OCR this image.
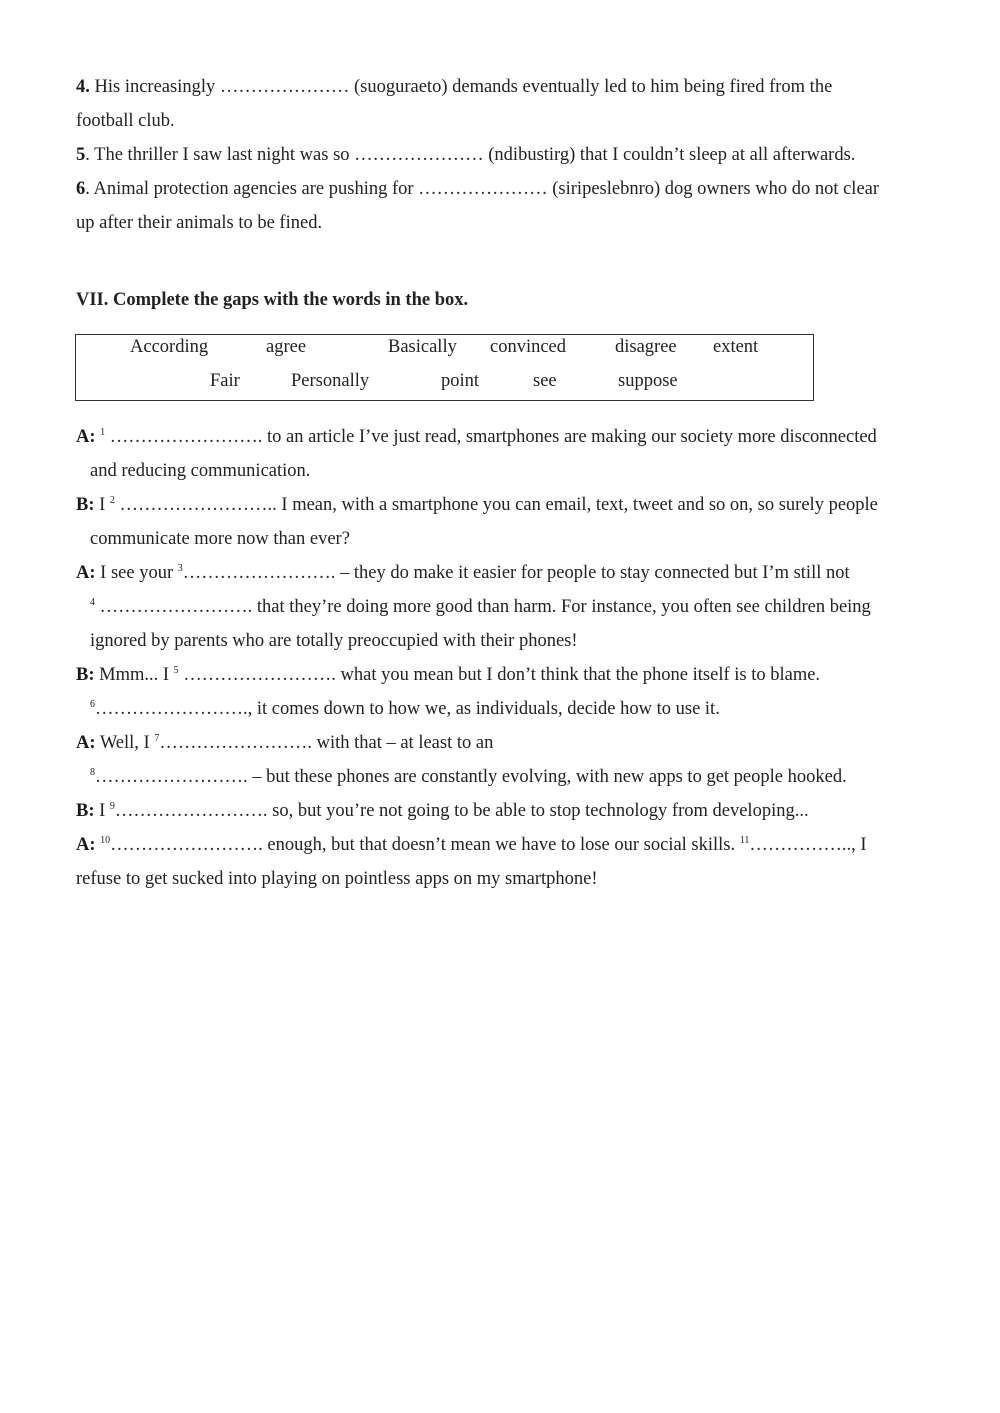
4. His increasingly ………………… (suoguraeto) demands eventually led to him being fired from the
football club.
5. The thriller I saw last night was so ………………… (ndibustirg) that I couldn’t sleep at all afterwards.
6. Animal protection agencies are pushing for ………………… (siripeslebnro) dog owners who do not clear
up after their animals to be fined.
VII. Complete the gaps with the words in the box.
According	agree	Basically convinced	disagree extent
Fair	Personally	point	see	suppose
A: $^1$ ……………………. to an article I’ve just read, smartphones are making our society more disconnected
and reducing communication.
B: I $^2$ …………………….. I mean, with a smartphone you can email, text, tweet and so on, so surely people
communicate more now than ever?
A: I see your $^3$……………………. – they do make it easier for people to stay connected but I’m still not
$^4$ ……………………. that they’re doing more good than harm. For instance, you often see children being
ignored by parents who are totally preoccupied with their phones!
B: Mmm... I $^5$ ……………………. what you mean but I don’t think that the phone itself is to blame.
$^6$……………………., it comes down to how we, as individuals, decide how to use it.
A: Well, I $^7$……………………. with that – at least to an
$^8$……………………. – but these phones are constantly evolving, with new apps to get people hooked.
B: I $^9$……………………. so, but you’re not going to be able to stop technology from developing...
A: $^{10}$……………………. enough, but that doesn’t mean we have to lose our social skills. $^{11}$…………….., I
refuse to get sucked into playing on pointless apps on my smartphone!
